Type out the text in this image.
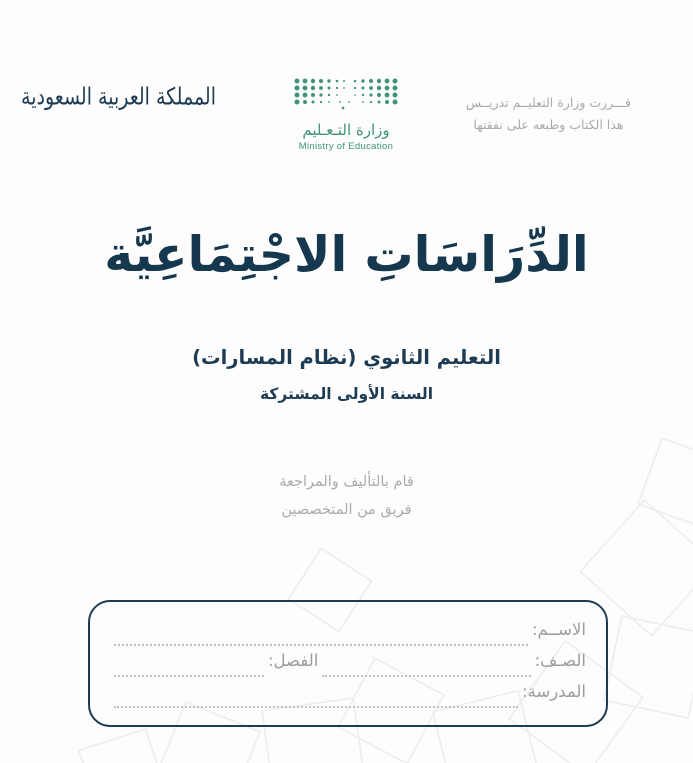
قـــررت وزارة التعلیــم تدریــس
هذا الكتاب وطبعه على نفقتها
وزارة التـعـلیم
Ministry of Education
المملكة العربیة السعودیة
الدِّرَاسَاتِ الاجْتِمَاعِيَّة
التعليم الثانوي (نظام المسارات)
السنة الأولى المشتركة
قام بالتأليف والمراجعة
فريق من المتخصصين
الاســم:
الصـف:
الفصل:
المدرسة:
